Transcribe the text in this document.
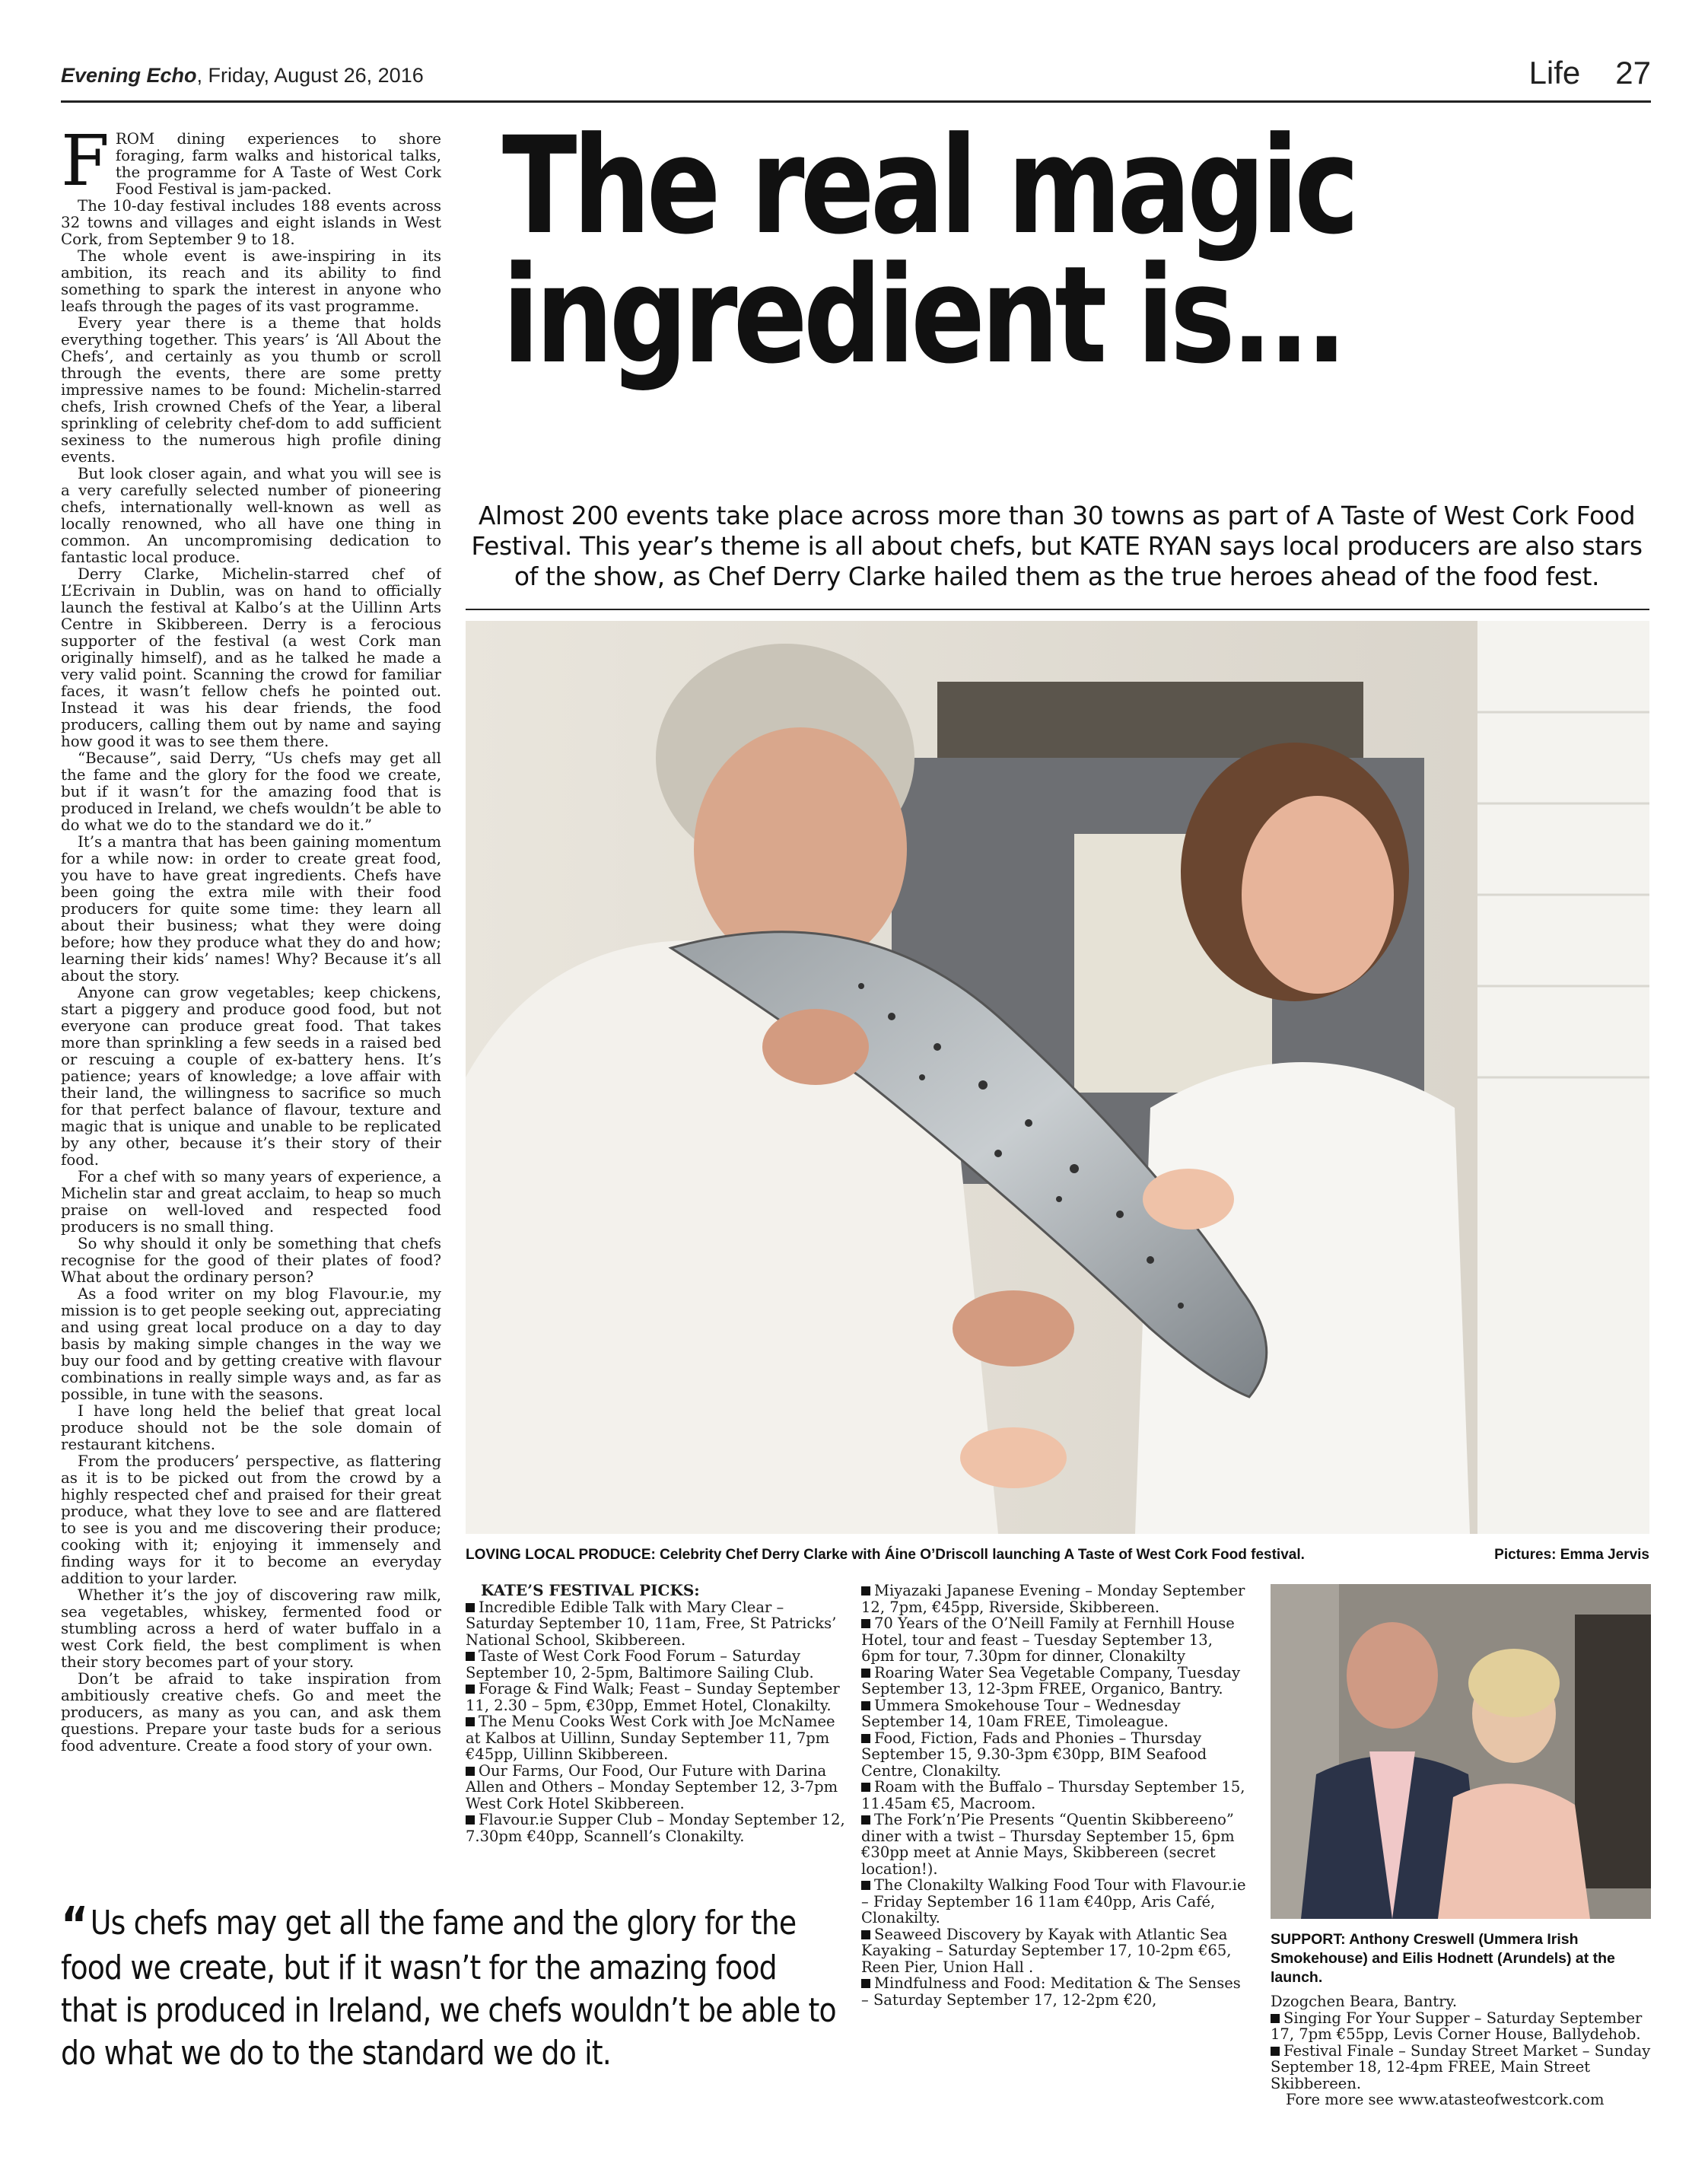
Evening Echo, Friday, August 26, 2016	Life 27

FROM dining experiences to shore foraging, farm walks and historical talks, the programme for A Taste of West Cork Food Festival is jam-packed.

The 10-day festival includes 188 events across 32 towns and villages and eight islands in West Cork, from September 9 to 18.

The whole event is awe-inspiring in its ambition, its reach and its ability to find something to spark the interest in anyone who leafs through the pages of its vast programme.

Every year there is a theme that holds everything together. This years’ is ‘All About the Chefs’, and certainly as you thumb or scroll through the events, there are some pretty impressive names to be found: Michelin-starred chefs, Irish crowned Chefs of the Year, a liberal sprinkling of celebrity chef-dom to add sufficient sexiness to the numerous high profile dining events.

But look closer again, and what you will see is a very carefully selected number of pioneering chefs, internationally well-known as well as locally renowned, who all have one thing in common. An uncompromising dedication to fantastic local produce.

Derry Clarke, Michelin-starred chef of L’Ecrivain in Dublin, was on hand to officially launch the festival at Kalbo’s at the Uillinn Arts Centre in Skibbereen. Derry is a ferocious supporter of the festival (a west Cork man originally himself), and as he talked he made a very valid point. Scanning the crowd for familiar faces, it wasn’t fellow chefs he pointed out. Instead it was his dear friends, the food producers, calling them out by name and saying how good it was to see them there.

“Because”, said Derry, “Us chefs may get all the fame and the glory for the food we create, but if it wasn’t for the amazing food that is produced in Ireland, we chefs wouldn’t be able to do what we do to the standard we do it.”

It’s a mantra that has been gaining momentum for a while now: in order to create great food, you have to have great ingredients. Chefs have been going the extra mile with their food producers for quite some time: they learn all about their business; what they were doing before; how they produce what they do and how; learning their kids’ names! Why? Because it’s all about the story.

Anyone can grow vegetables; keep chickens, start a piggery and produce good food, but not everyone can produce great food. That takes more than sprinkling a few seeds in a raised bed or rescuing a couple of ex-battery hens. It’s patience; years of knowledge; a love affair with their land, the willingness to sacrifice so much for that perfect balance of flavour, texture and magic that is unique and unable to be replicated by any other, because it’s their story of their food.

For a chef with so many years of experience, a Michelin star and great acclaim, to heap so much praise on well-loved and respected food producers is no small thing.

So why should it only be something that chefs recognise for the good of their plates of food? What about the ordinary person?

As a food writer on my blog Flavour.ie, my mission is to get people seeking out, appreciating and using great local produce on a day to day basis by making simple changes in the way we buy our food and by getting creative with flavour combinations in really simple ways and, as far as possible, in tune with the seasons.

I have long held the belief that great local produce should not be the sole domain of restaurant kitchens.

From the producers’ perspective, as flattering as it is to be picked out from the crowd by a highly respected chef and praised for their great produce, what they love to see and are flattered to see is you and me discovering their produce; cooking with it; enjoying it immensely and finding ways for it to become an everyday addition to your larder.

Whether it’s the joy of discovering raw milk, sea vegetables, whiskey, fermented food or stumbling across a herd of water buffalo in a west Cork field, the best compliment is when their story becomes part of your story.

Don’t be afraid to take inspiration from ambitiously creative chefs. Go and meet the producers, as many as you can, and ask them questions. Prepare your taste buds for a serious food adventure. Create a food story of your own.

The real magic
ingredient is...
Almost 200 events take place across more than 30 towns as part of A Taste of West Cork Food Festival. This year’s theme is all about chefs, but KATE RYAN says local producers are also stars of the show, as Chef Derry Clarke hailed them as the true heroes ahead of the food fest.
LOVING LOCAL PRODUCE: Celebrity Chef Derry Clarke with Áine O’Driscoll launching A Taste of West Cork Food festival.	Pictures: Emma Jervis
KATE’S FESTIVAL PICKS:
Incredible Edible Talk with Mary Clear – Saturday September 10, 11am, Free, St Patricks’ National School, Skibbereen.
Taste of West Cork Food Forum – Saturday September 10, 2-5pm, Baltimore Sailing Club.
Forage & Find Walk; Feast – Sunday September 11, 2.30 – 5pm, €30pp, Emmet Hotel, Clonakilty.
The Menu Cooks West Cork with Joe McNamee at Kalbos at Uillinn, Sunday September 11, 7pm €45pp, Uillinn Skibbereen.
Our Farms, Our Food, Our Future with Darina Allen and Others – Monday September 12, 3-7pm West Cork Hotel Skibbereen.
Flavour.ie Supper Club – Monday September 12, 7.30pm €40pp, Scannell’s Clonakilty.
Miyazaki Japanese Evening – Monday September 12, 7pm, €45pp, Riverside, Skibbereen.
70 Years of the O’Neill Family at Fernhill House Hotel, tour and feast – Tuesday September 13, 6pm for tour, 7.30pm for dinner, Clonakilty
Roaring Water Sea Vegetable Company, Tuesday September 13, 12-3pm FREE, Organico, Bantry.
Ummera Smokehouse Tour – Wednesday September 14, 10am FREE, Timoleague.
Food, Fiction, Fads and Phonies – Thursday September 15, 9.30-3pm €30pp, BIM Seafood Centre, Clonakilty.
Roam with the Buffalo – Thursday September 15, 11.45am €5, Macroom.
The Fork’n’Pie Presents “Quentin Skibbereeno” diner with a twist – Thursday September 15, 6pm €30pp meet at Annie Mays, Skibbereen (secret location!).
The Clonakilty Walking Food Tour with Flavour.ie – Friday September 16 11am €40pp, Aris Café, Clonakilty.
Seaweed Discovery by Kayak with Atlantic Sea Kayaking – Saturday September 17, 10-2pm €65, Reen Pier, Union Hall .
Mindfulness and Food: Meditation & The Senses – Saturday September 17, 12-2pm €20,
SUPPORT: Anthony Creswell (Ummera Irish Smokehouse) and Eilis Hodnett (Arundels) at the launch.
Dzogchen Beara, Bantry.
Singing For Your Supper – Saturday September 17, 7pm €55pp, Levis Corner House, Ballydehob.
Festival Finale – Sunday Street Market – Sunday September 18, 12-4pm FREE, Main Street Skibbereen.
Fore more see www.atasteofwestcork.com
“Us chefs may get all the fame and the glory for the food we create, but if it wasn’t for the amazing food that is produced in Ireland, we chefs wouldn’t be able to do what we do to the standard we do it.
